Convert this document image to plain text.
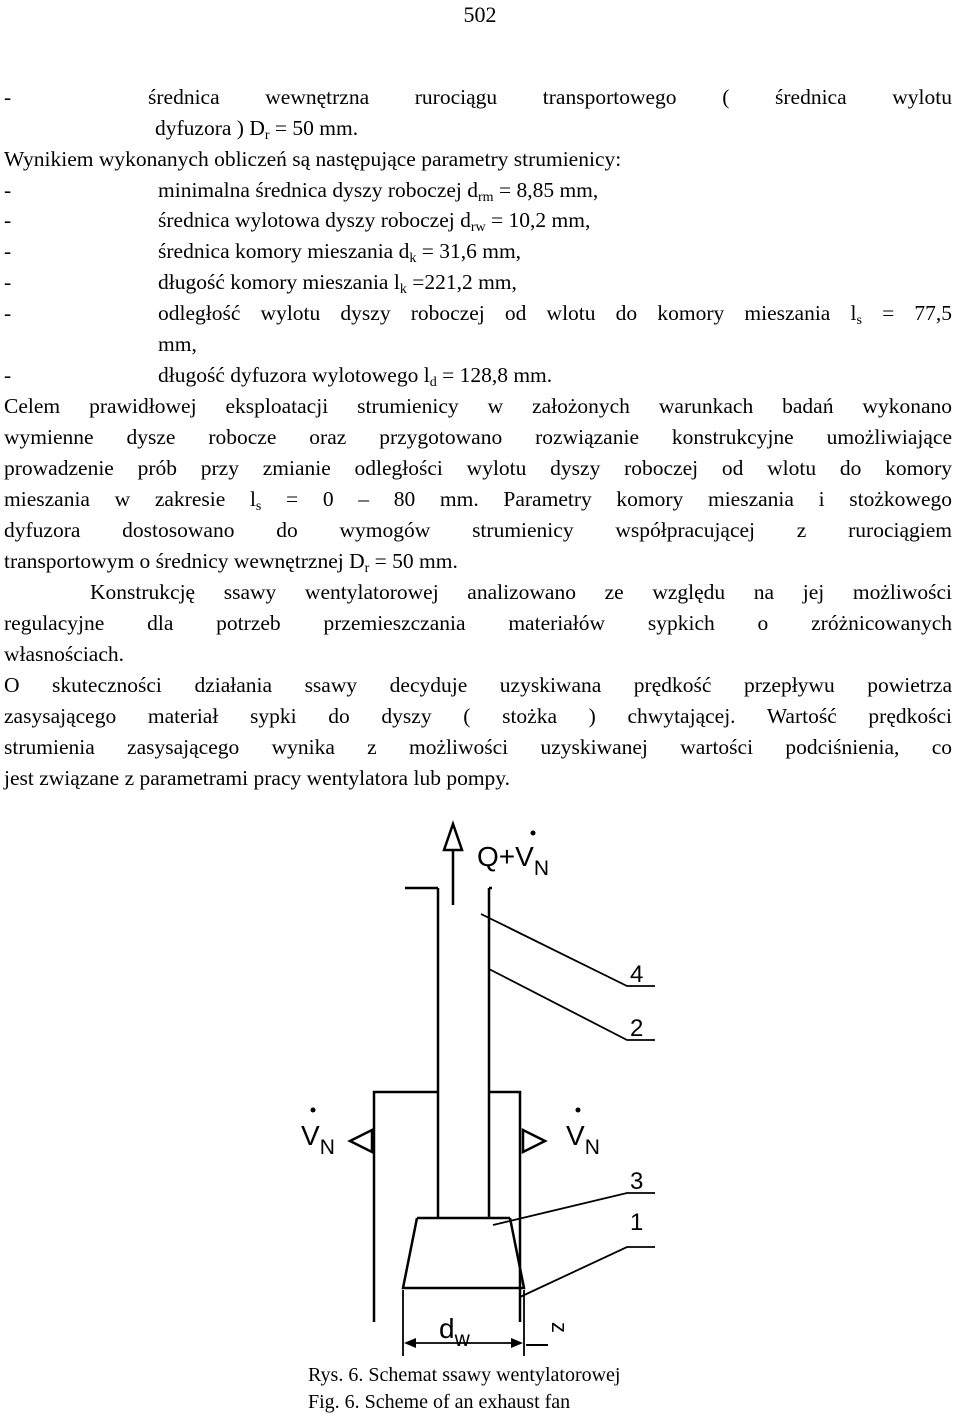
502
-	średnica wewnętrzna rurociągu transportowego ( średnica wylotu
dyfuzora ) $D_r = 50$ mm.
Wynikiem wykonanych obliczeń są następujące parametry strumienicy:
-	minimalna średnica dyszy roboczej $d_{rm} = 8,85$ mm,
-	średnica wylotowa dyszy roboczej $d_{rw} = 10,2$ mm,
-	średnica komory mieszania $d_k = 31,6$ mm,
-	długość komory mieszania $l_k =221,2$ mm,
-	odległość wylotu dyszy roboczej od wlotu do komory mieszania $l_s = 77,5$
mm,
-	długość dyfuzora wylotowego $l_d = 128,8$ mm.
Celem prawidłowej eksploatacji strumienicy w założonych warunkach badań wykonano
wymienne dysze robocze oraz przygotowano rozwiązanie konstrukcyjne umożliwiające
prowadzenie prób przy zmianie odległości wylotu dyszy roboczej od wlotu do komory
mieszania w zakresie $l_s = 0 - 80$ mm. Parametry komory mieszania i stożkowego
dyfuzora dostosowano do wymogów strumienicy współpracującej z rurociągiem
transportowym o średnicy wewnętrznej $D_r = 50$ mm.
Konstrukcję ssawy wentylatorowej analizowano ze względu na jej możliwości
regulacyjne dla potrzeb przemieszczania materiałów sypkich o zróżnicowanych
własnościach.
O skuteczności działania ssawy decyduje uzyskiwana prędkość przepływu powietrza
zasysającego materiał sypki do dyszy ( stożka ) chwytającej. Wartość prędkości
strumienia zasysającego wynika z możliwości uzyskiwanej wartości podciśnienia, co
jest związane z parametrami pracy wentylatora lub pompy.
$Q+V_N$
$V_N$	$V_N$
4
2
3
1
$d_w$
z
Rys. 6. Schemat ssawy wentylatorowej
Fig. 6. Scheme of an exhaust fan
